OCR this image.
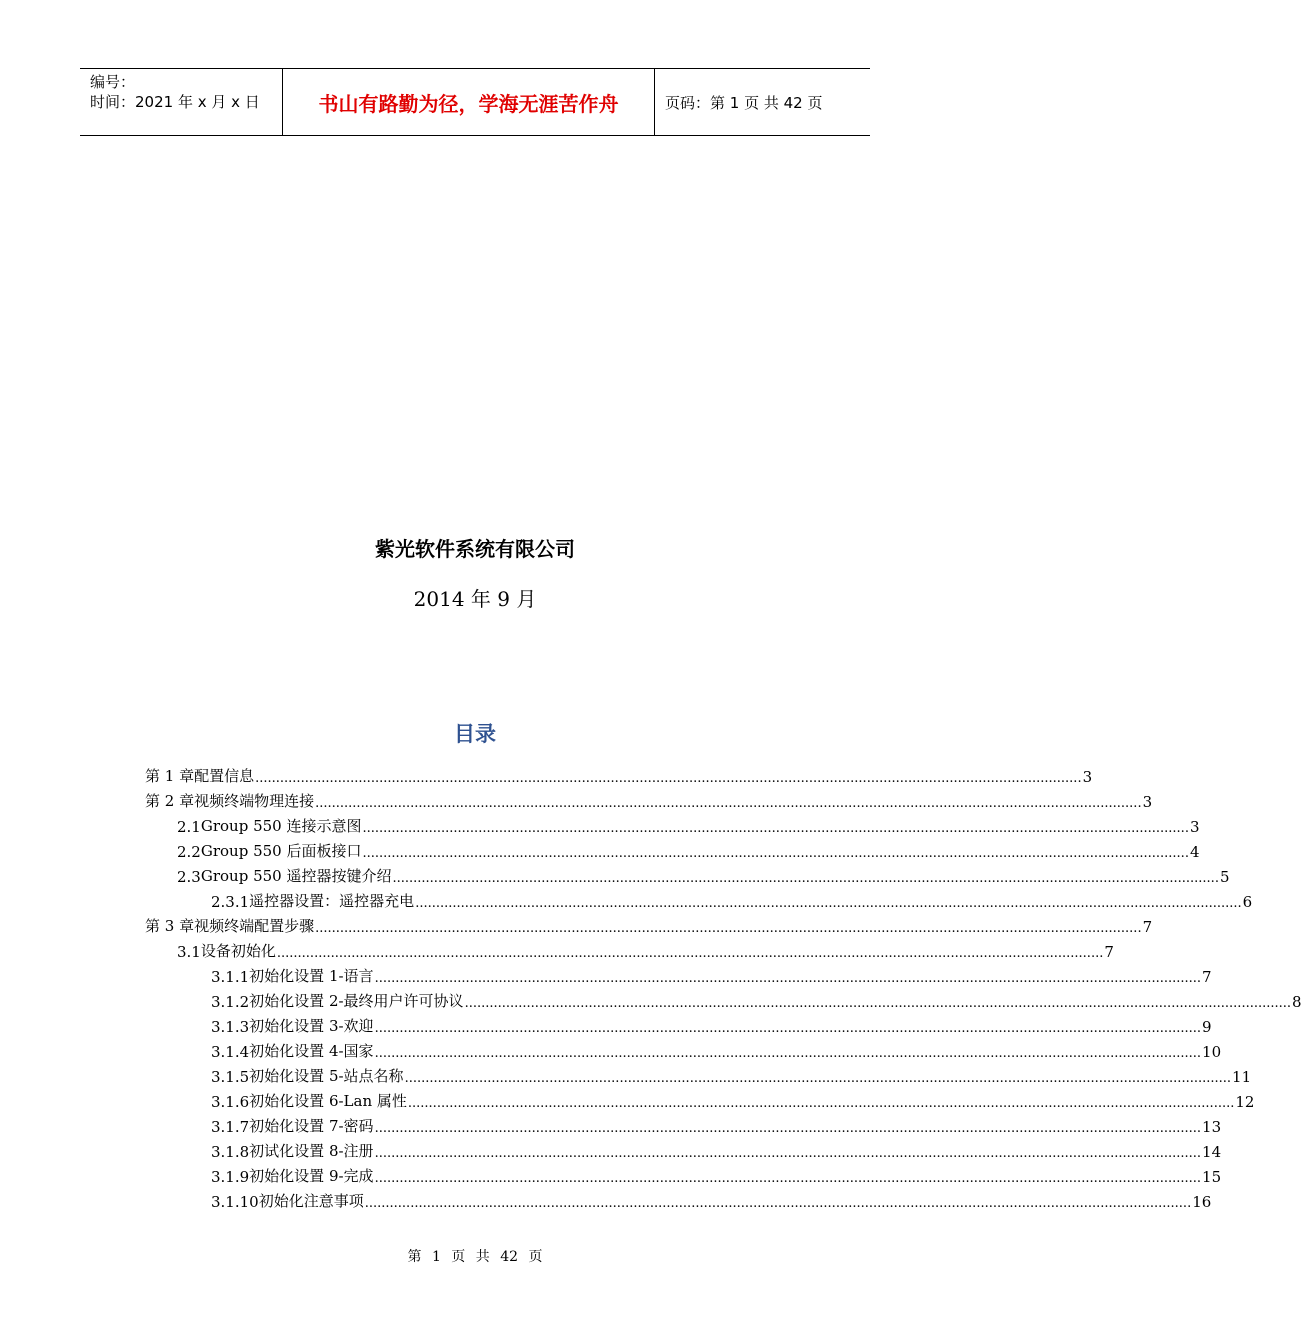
编号：
时间：2021 年 x 月 x 日	书山有路勤为径，学海无涯苦作舟	页码：第 1 页 共 42 页
紫光软件系统有限公司
2014 年 9 月
目录
第 1 章 配置信息 ........................................................................................................................................................................................................ 3
第 2 章 视频终端物理连接 ........................................................................................................................................................................................................ 3
2.1 Group 550 连接示意图 ........................................................................................................................................................................................................ 3
2.2 Group 550 后面板接口 ........................................................................................................................................................................................................ 4
2.3 Group 550 遥控器按键介绍 ........................................................................................................................................................................................................ 5
2.3.1 遥控器设置：遥控器充电 ........................................................................................................................................................................................................ 6
第 3 章 视频终端配置步骤 ........................................................................................................................................................................................................ 7
3.1 设备初始化 ........................................................................................................................................................................................................ 7
3.1.1 初始化设置 1-语言 ........................................................................................................................................................................................................ 7
3.1.2 初始化设置 2-最终用户许可协议 ........................................................................................................................................................................................................ 8
3.1.3 初始化设置 3-欢迎 ........................................................................................................................................................................................................ 9
3.1.4 初始化设置 4-国家 ........................................................................................................................................................................................................ 10
3.1.5 初始化设置 5-站点名称 ........................................................................................................................................................................................................ 11
3.1.6 初始化设置 6-Lan 属性 ........................................................................................................................................................................................................ 12
3.1.7 初始化设置 7-密码 ........................................................................................................................................................................................................ 13
3.1.8 初试化设置 8-注册 ........................................................................................................................................................................................................ 14
3.1.9 初始化设置 9-完成 ........................................................................................................................................................................................................ 15
3.1.10 初始化注意事项 ........................................................................................................................................................................................................ 16
第 1 页 共 42 页
